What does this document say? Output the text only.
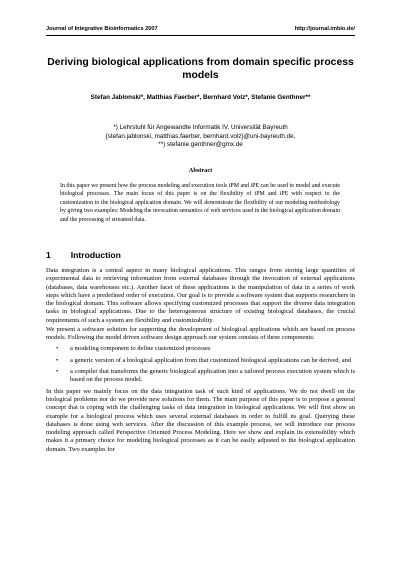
Journal of Integrative Bioinformatics 2007	http://journal.imbio.de/
Deriving biological applications from domain specific process models
Stefan Jablonski*, Matthias Faerber*, Bernhard Volz*, Stefanie Genthner**
*) Lehrstuhl für Angewandte Informatik IV, Universität Bayreuth
{stefan.jablonski, matthias.faerber, bernhard.volz}@uni-bayreuth.de,
**) stefanie.genthner@gmx.de
Abstract
In this paper we present how the process modeling and execution tools iPM and iPE can be used to model and execute biological processes. The main focus of this paper is on the flexibility of iPM and iPE with respect to the customization to the biological application domain. We will demonstrate the flexibility of our modeling methodology by giving two examples: Modeling the invocation semantics of web services used in the biological application domain and the processing of streamed data.
1 Introduction

Data integration is a central aspect in many biological applications. This ranges from storing large quantities of experimental data to retrieving information from external databases through the invocation of external applications (databases, data warehouses etc.). Another facet of these applications is the manipulation of data in a series of work steps which have a predefined order of execution. Our goal is to provide a software system that supports researchers in the biological domain. This software allows specifying customized processes that support the diverse data integration tasks in biological applications. Due to the heterogeneous structure of existing biological databases, the crucial requirements of such a system are flexibility and customizability.

We present a software solution for supporting the development of biological applications which are based on process models. Following the model driven software design approach our system consists of three components:

• a modeling component to define customized processes
• a generic version of a biological application from that customized biological applications can be derived, and
• a compiler that transforms the generic biological application into a tailored process execution system which is based on the process model.

In this paper we mainly focus on the data integration task of such kind of applications. We do not dwell on the biological problems nor do we provide new solutions for them. The main purpose of this paper is to propose a general concept that is coping with the challenging tasks of data integration in biological applications. We will first show an example for a biological process which uses several external databases in order to fulfill its goal. Querying these databases is done using web services. After the discussion of this example process, we will introduce our process modeling approach called Perspective Oriented Process Modeling. Here we show and explain its extensibility which makes it a primary choice for modeling biological processes as it can be easily adjusted to the biological application domain. Two examples for
